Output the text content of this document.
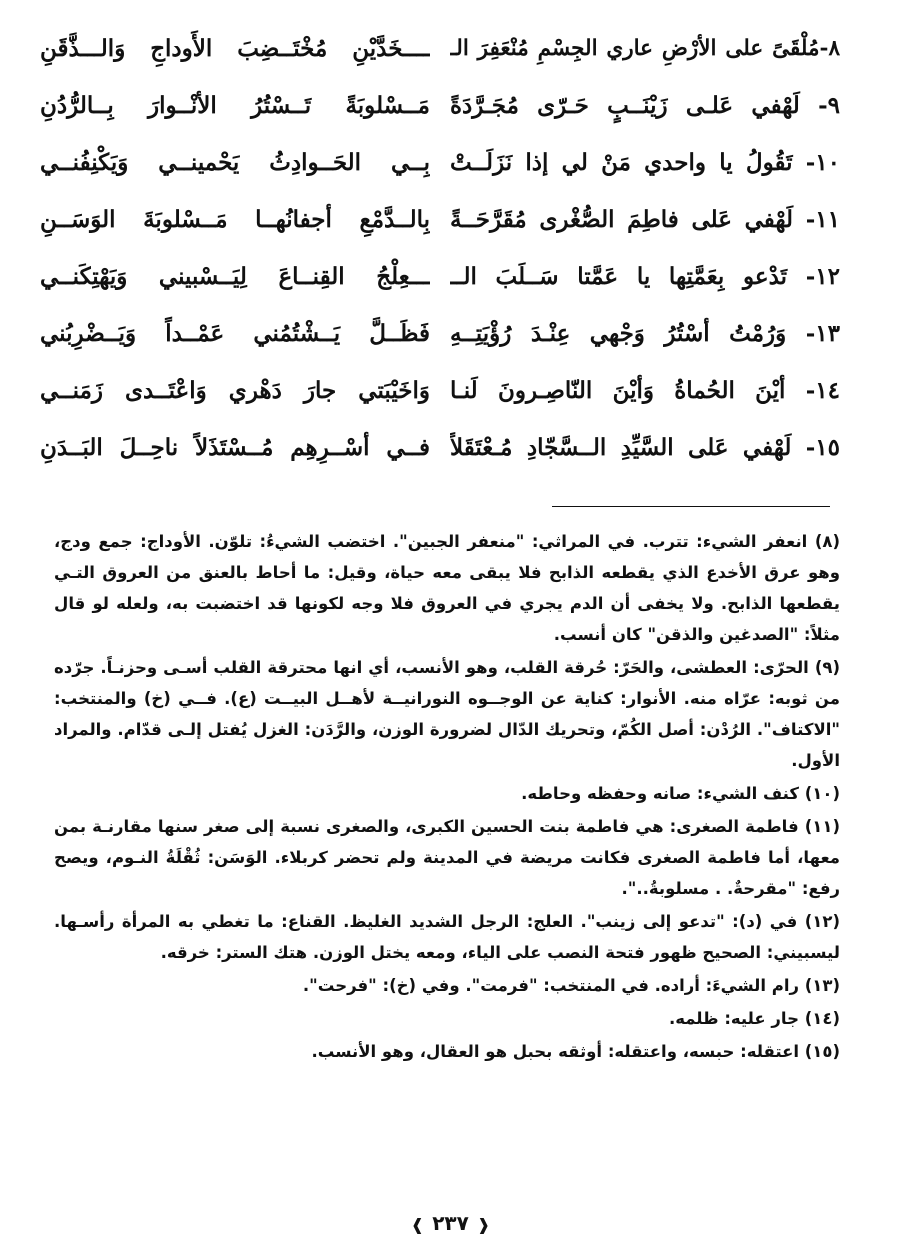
٨-مُلْقَىً على الأرْضِ عاري الجِسْمِ مُنْعَفِرَ الـ
ــــخَدَّيْنِ مُخْتَــضِبَ الأَوداجِ وَالـــذَّقَنِ
٩- لَهْفي عَلـى زَيْنَــبٍ حَـرّى مُجَـرَّدَةً
مَــسْلوبَةً تَــسْتُرُ الأنْــوارَ بِــالرُّدُنِ
١٠- تَقُولُ يا واحدي مَنْ لي إذا نَزَلَــتْ
بِــي الحَــوادِثُ يَحْمينــي وَيَكْنِفُنــي
١١- لَهْفي عَلى فاطِمَ الصُّغْرى مُقَرَّحَــةً
بِالــدَّمْعِ أجفانُهــا مَــسْلوبَةَ الوَسَــنِ
١٢- تَدْعو بِعَمَّتِها يا عَمَّتا سَــلَبَ الــ
ـــعِلْجُ القِنــاعَ لِيَــسْبيني وَيَهْتِكَنــي
١٣- وَرُمْتُ أسْتُرُ وَجْهي عِنْـدَ رُؤْيَتِــهِ
فَظَــلَّ يَــشْتُمُني عَمْــداً وَيَــضْرِبُني
١٤- أيْنَ الحُماةُ وَأيْنَ النّاصِـرونَ لَنـا
وَاخَيْبَتي جارَ دَهْري وَاعْتَــدى زَمَنــي
١٥- لَهْفي عَلى السَّيِّدِ الــسَّجّادِ مُـعْتَقَلاً
فــي أسْــرِهِم مُــسْتَذَلاً ناحِــلَ البَــدَنِ

(٨) انعفر الشيء: تترب. في المراثي: "منعفر الجبين". اختضب الشيءُ: تلوّن. الأوداج: جمع ودج، وهو عرق الأخدع الذي يقطعه الذابح فلا يبقى معه حياة، وقيل: ما أحاط بالعنق من العروق التـي يقطعها الذابح. ولا يخفى أن الدم يجري في العروق فلا وجه لكونها قد اختضبت به، ولعله لو قال مثلاً: "الصدغين والذقن" كان أنسب.

(٩) الحرّى: العطشى، والحَرّ: حُرقة القلب، وهو الأنسب، أي انها محترقة القلب أسـى وحزنـاً. جرّده من ثوبه: عرّاه منه. الأنوار: كناية عن الوجــوه النورانيــة لأهــل البيــت (ع). فــي (خ) والمنتخب: "الاكتاف". الرُدْن: أصل الكُمّ، وتحريك الدّال لضرورة الوزن، والرَّدَن: الغزل يُفتل إلـى قدّام. والمراد الأول.

(١٠) كنف الشيء: صانه وحفظه وحاطه.

(١١) فاطمة الصغرى: هي فاطمة بنت الحسين الكبرى، والصغرى نسبة إلى صغر سنها مقارنـة بمن معها، أما فاطمة الصغرى فكانت مريضة في المدينة ولم تحضر كربلاء. الوَسَن: ثُقْلَةُ النـوم، ويصح رفع: "مقرحةٌ. . مسلوبةُ..".

(١٢) في (د): "تدعو إلى زينب". العلج: الرجل الشديد الغليظ. القناع: ما تغطي به المرأة رأسـها. ليسبيني: الصحيح ظهور فتحة النصب على الياء، ومعه يختل الوزن. هتك الستر: خرقه.

(١٣) رام الشيءَ: أراده. في المنتخب: "فرمت". وفي (خ): "فرحت".

(١٤) جار عليه: ظلمه.

(١٥) اعتقله: حبسه، واعتقله: أوثقه بحبل هو العقال، وهو الأنسب.

❰ ٢٣٧ ❱
